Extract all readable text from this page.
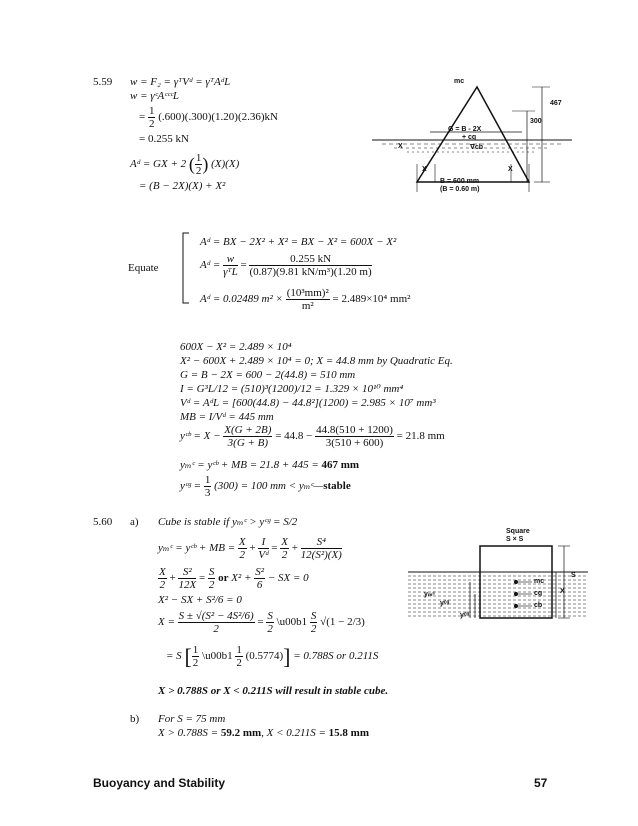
5.59 w = F₂ = γᵀVᵈ = γᵀAᵈL
w = γᶜAᶜᶜᶜL
= $\frac{1}{2} (.600)(.300)(1.20)(2.36)kN$
= 0.255 kN
Aᵈ = GX + 2 ( $\frac{1}{2}$ ) (X)(X)
= (B − 2X)(X) + X²
mc
467
300
G = B - 2X
+ cg
∇cb
X
X	X
B = 600 mm
(B = 0.60 m)
Equate
Aᵈ = BX − 2X² + X² = BX − X² = 600X − X²
Aᵈ = $\frac{w}{\text{γᵀL}} = \frac{0.255 kN}{\text{(0.87)(9.81 kN/m³)(1.20 m)}}$
Aᵈ = 0.02489 $m^2 \times \frac{\text{(10³mm)²}}{\text{m²}} = 2.489\times 10^4$ mm²
600X − X² = 2.489 × 10⁴
X² − 600X + 2.489 × 10⁴ = 0; X = 44.8 mm by Quadratic Eq.
G = B − 2X = 600 − 2(44.8) = 510 mm
I = G³L/12 = (510)³(1200)/12 = 1.329 × 10¹⁰ mm⁴
Vᵈ = AᵈL = [600(44.8) − 44.8²](1200) = 2.985 × 10⁷ mm³
MB = I/Vᵈ = 445 mm
yᶜᵇ = $X - \frac{X(G + 2B)}{3(G + B)} = 44.8 - \frac{44.8(510 + 1200)}{3(510 + 600)} = 21.8$ mm
yₘᶜ = yᶜᵇ + MB = 21.8 + 445 = 467 mm
yᶜᵍ = $\frac{1}{3} (300) = 100$ mm < yₘᶜ—stable
5.60 a) Cube is stable if yₘᶜ > yᶜᵍ = S/2
yₘᶜ = yᶜᵇ + MB = $\frac{X}{2} + \frac{I}{\text{Vᵈ}} = \frac{X}{2} + \frac{\text{S⁴}}{\text{12(S²)(X)}}$
$\frac{X}{2} + \frac{\text{S²}}{12X} = \frac{S}{2}$ or $X^2 + \frac{\text{S²}}{6}$ − SX = 0
X² − SX + S²/6 = 0
$X = \frac{\text{S ± √(S² − 4S²/6)}}{2} = \frac{S}{2}$ \u00b1 $\frac{S}{2} √(1 - 2/3)$
= S [ $\frac{1}{2}$ \u00b1 $\frac{1}{2} (0.5774)] = 0.788S$ or 0.211S
X > 0.788S or X < 0.211S will result in stable cube.
b) For S = 75 mm
X > 0.788S = 59.2 mm, X < 0.211S = 15.8 mm
Square
S × S
mc
cg
cb
S
X
yₘᶜ
yᶜᵍ
yᶜᵇ
Buoyancy and Stability	57
